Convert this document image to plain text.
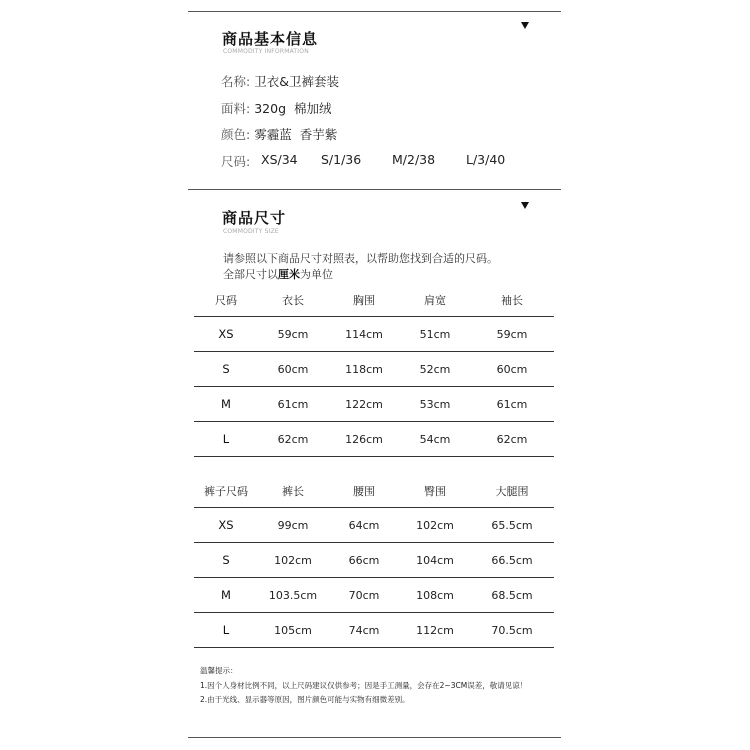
商品基本信息
COMMODITY INFORMATION
名称: 卫衣&卫裤套装
面料: 320g 棉加绒
颜色: 雾霾蓝 香芋紫
尺码: XS/34 S/1/36 M/2/38 L/3/40
商品尺寸
COMMODITY SIZE
请参照以下商品尺寸对照表，以帮助您找到合适的尺码。
全部尺寸以厘米为单位
尺码	衣长	胸围	肩宽	袖长
XS	59cm	114cm	51cm	59cm
S	60cm	118cm	52cm	60cm
M	61cm	122cm	53cm	61cm
L	62cm	126cm	54cm	62cm
裤子尺码	裤长	腰围	臀围	大腿围
XS	99cm	64cm	102cm	65.5cm
S	102cm	66cm	104cm	66.5cm
M	103.5cm	70cm	108cm	68.5cm
L	105cm	74cm	112cm	70.5cm
温馨提示：
1.因个人身材比例不同，以上尺码建议仅供参考；因是手工测量，会存在2~3CM误差，敬请见谅！
2.由于光线、显示器等原因，图片颜色可能与实物有细微差别。
